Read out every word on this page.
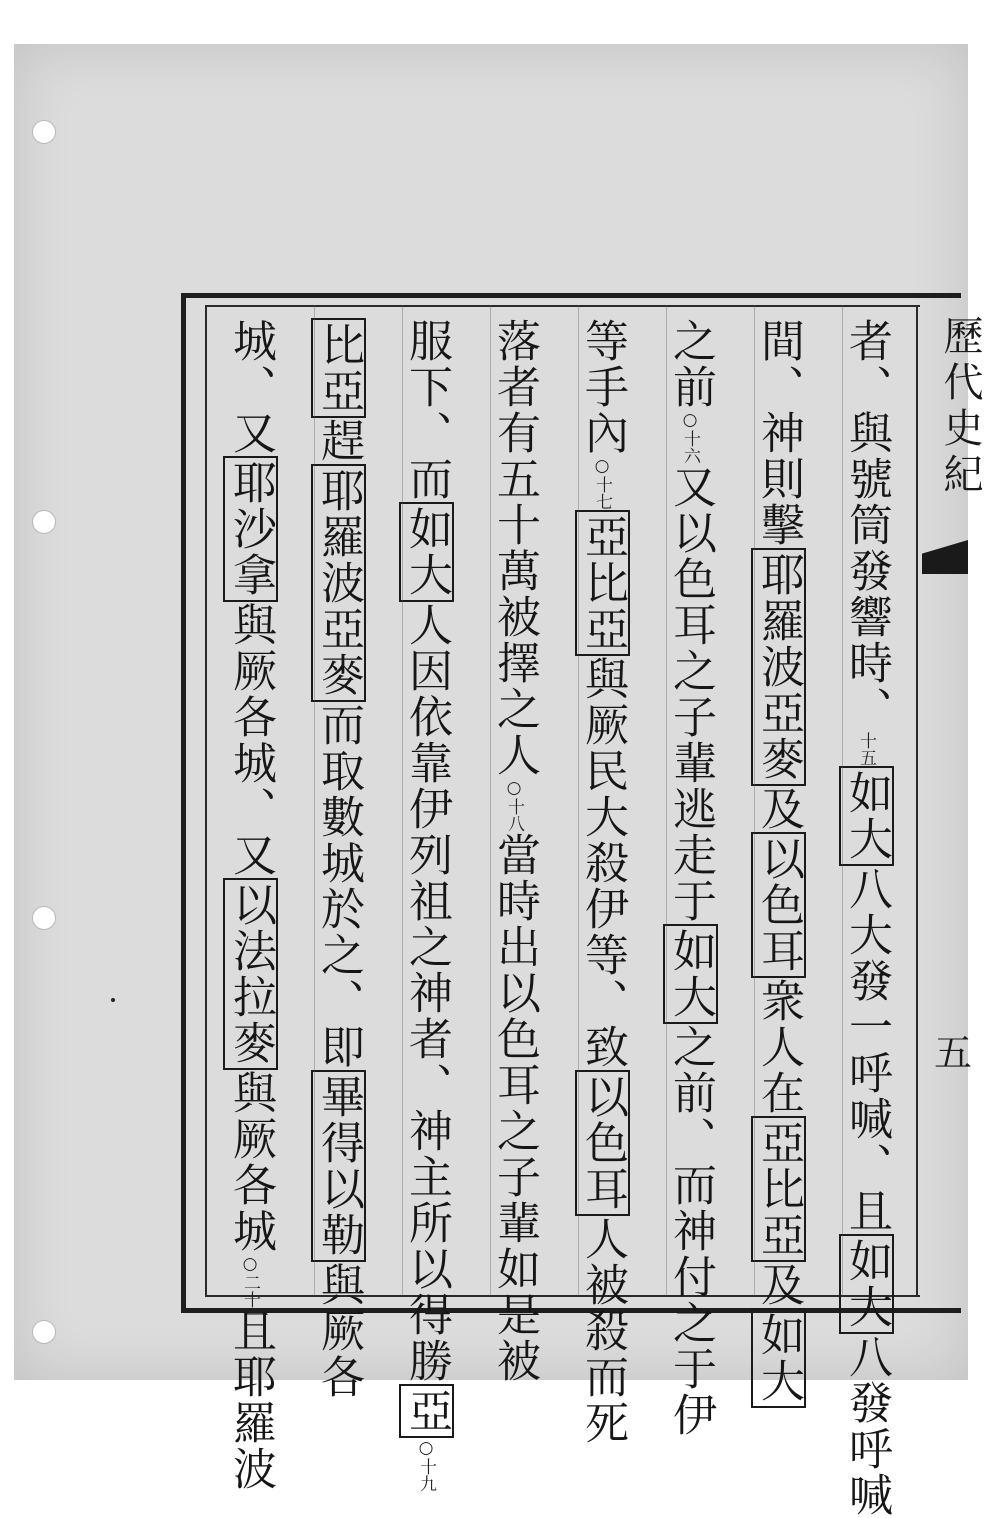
歷代史紀
五
者、與號筒發響時、十五如大八大發一呼喊、且如大八發呼喊
間、神則擊耶羅波亞麥及以色耳衆人在亞比亞及如大
之前○十六又以色耳之子輩逃走于如大之前、而神付之于伊
等手內○十七亞比亞與厥民大殺伊等、致以色耳人被殺而死
落者有五十萬被擇之人○十八當時出以色耳之子輩如是被
服下、而如大人因依靠伊列祖之神者、神主所以得勝亞○十九
比亞趕耶羅波亞麥而取數城於之、即畢得以勒與厥各
城、又耶沙拿與厥各城、又以法拉麥與厥各城○二十且耶羅波
